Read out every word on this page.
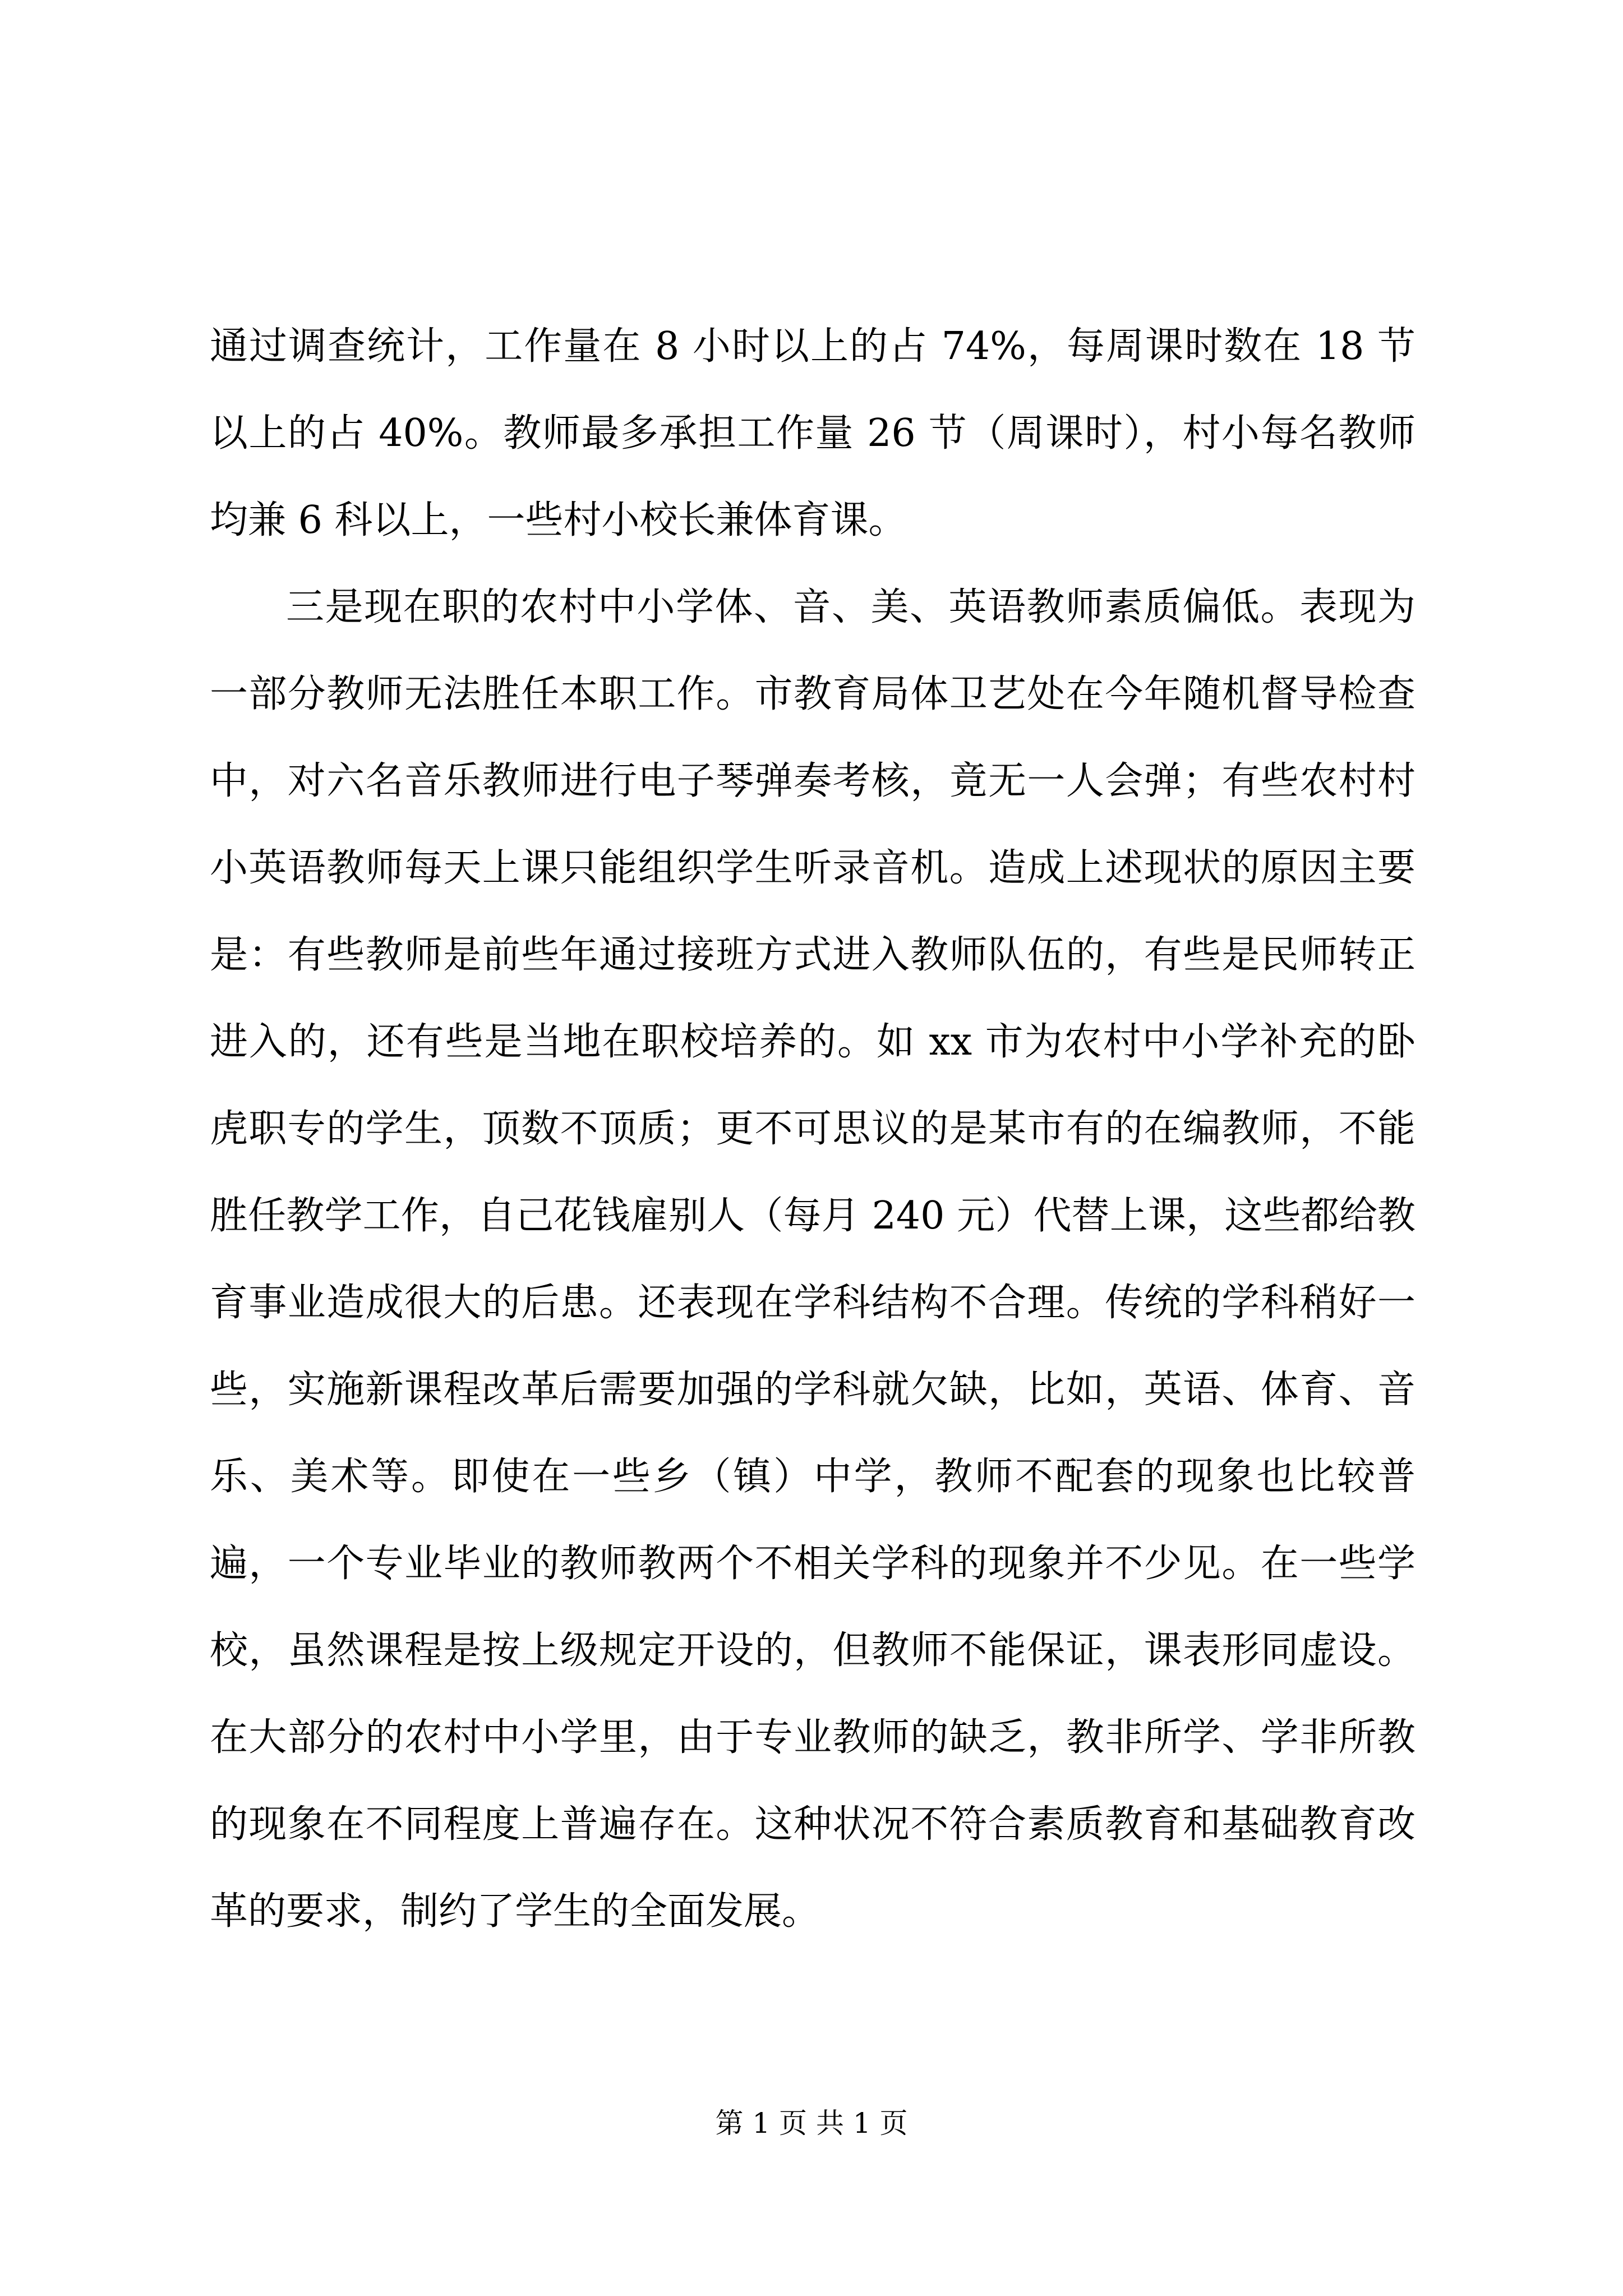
通过调查统计，工作量在 8 小时以上的占 74%，每周课时数在 18 节以上的占 40%。教师最多承担工作量 26 节（周课时），村小每名教师均兼 6 科以上，一些村小校长兼体育课。

三是现在职的农村中小学体、音、美、英语教师素质偏低。表现为一部分教师无法胜任本职工作。市教育局体卫艺处在今年随机督导检查中，对六名音乐教师进行电子琴弹奏考核，竟无一人会弹；有些农村村小英语教师每天上课只能组织学生听录音机。造成上述现状的原因主要是：有些教师是前些年通过接班方式进入教师队伍的，有些是民师转正进入的，还有些是当地在职校培养的。如 xx 市为农村中小学补充的卧虎职专的学生，顶数不顶质；更不可思议的是某市有的在编教师，不能胜任教学工作，自己花钱雇别人（每月 240 元）代替上课，这些都给教育事业造成很大的后患。还表现在学科结构不合理。传统的学科稍好一些，实施新课程改革后需要加强的学科就欠缺，比如，英语、体育、音乐、美术等。即使在一些乡（镇）中学，教师不配套的现象也比较普遍，一个专业毕业的教师教两个不相关学科的现象并不少见。在一些学校，虽然课程是按上级规定开设的，但教师不能保证，课表形同虚设。在大部分的农村中小学里，由于专业教师的缺乏，教非所学、学非所教的现象在不同程度上普遍存在。这种状况不符合素质教育和基础教育改革的要求，制约了学生的全面发展。

第 1 页 共 1 页
